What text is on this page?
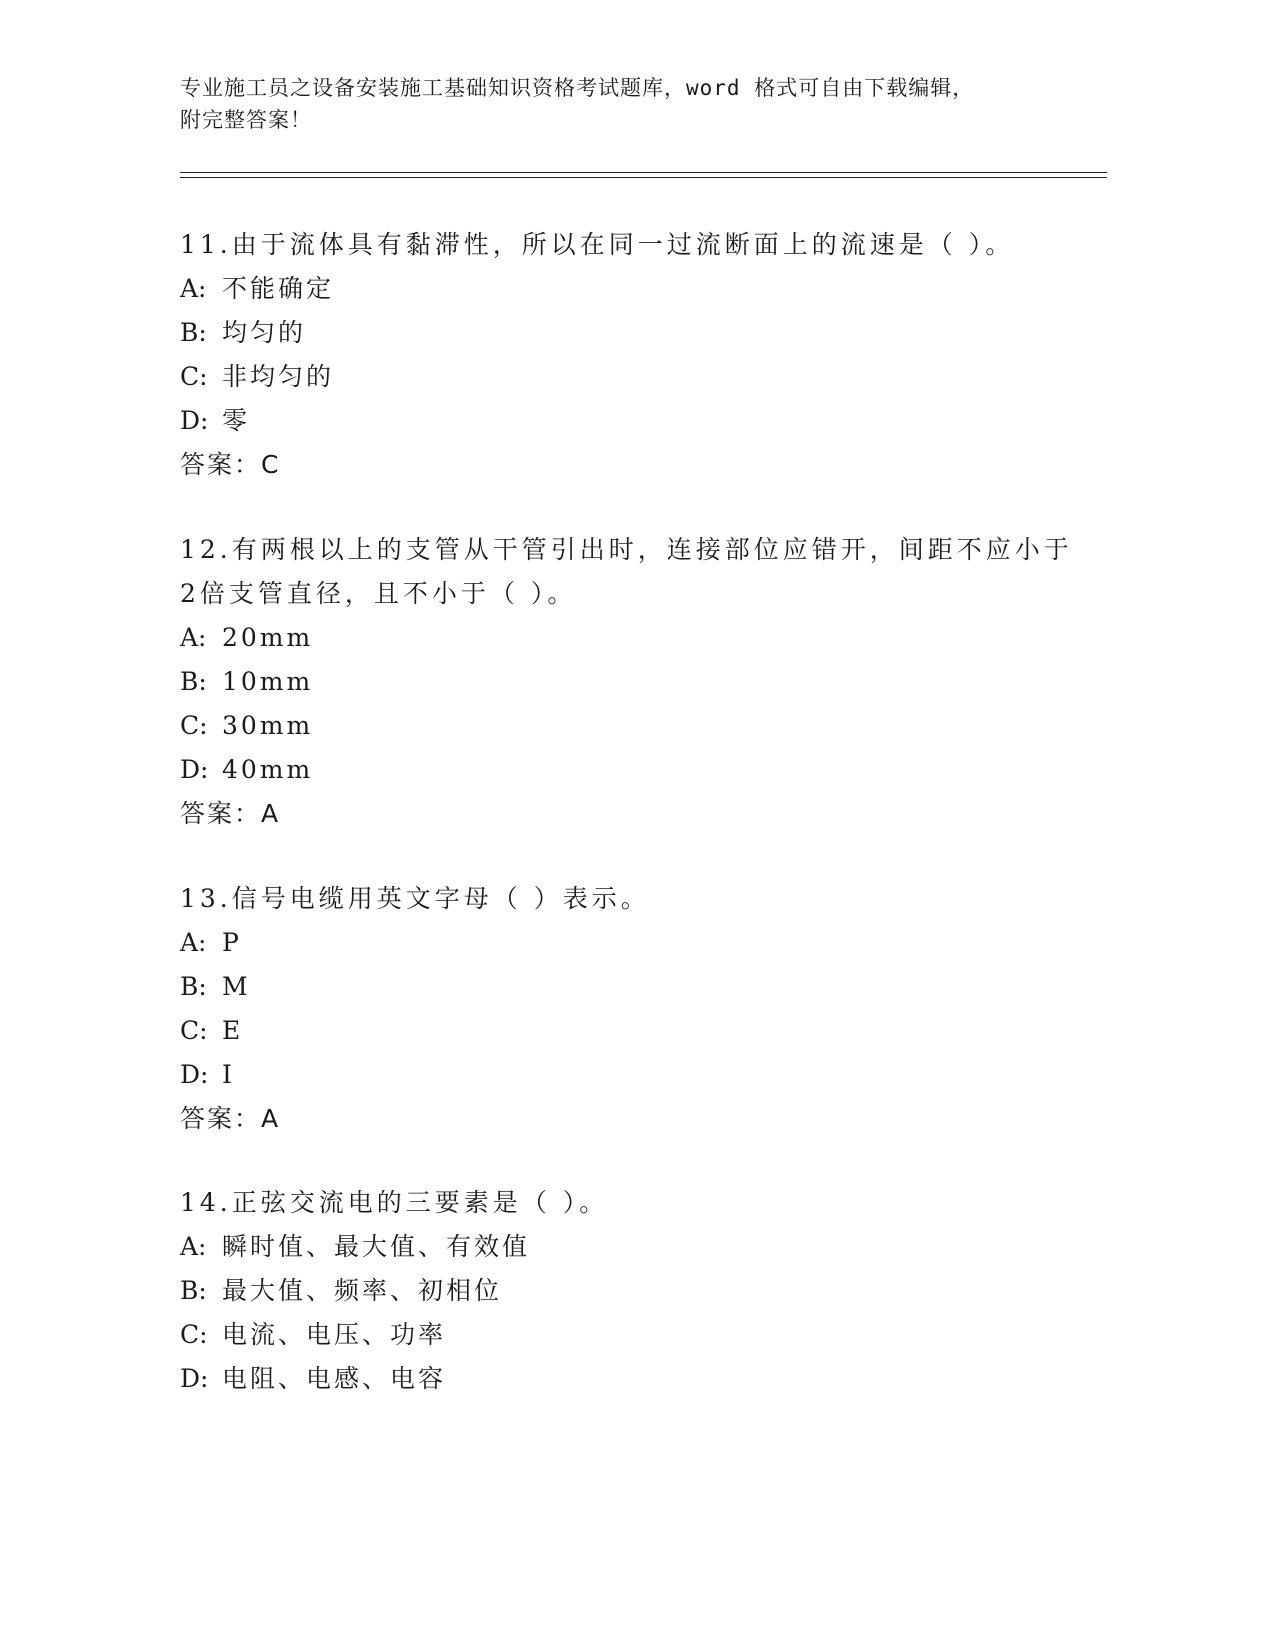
专业施工员之设备安装施工基础知识资格考试题库，word 格式可自由下载编辑，
附完整答案！

11.由于流体具有黏滞性，所以在同一过流断面上的流速是（ ）。

A: 不能确定

B: 均匀的

C: 非均匀的

D: 零

答案：C

12.有两根以上的支管从干管引出时，连接部位应错开，间距不应小于

2倍支管直径，且不小于（ ）。

A: 20mm

B: 10mm

C: 30mm

D: 40mm

答案：A

13.信号电缆用英文字母（ ）表示。

A: P

B: M

C: E

D: I

答案：A

14.正弦交流电的三要素是（ ）。

A: 瞬时值、最大值、有效值

B: 最大值、频率、初相位

C: 电流、电压、功率

D: 电阻、电感、电容
